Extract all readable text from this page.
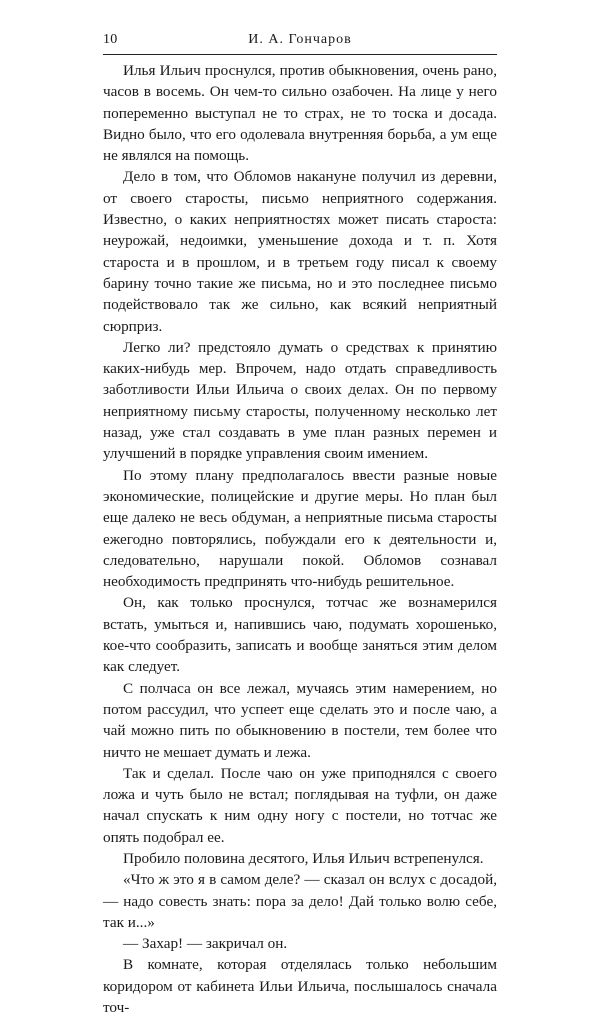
10	И. А. Гончаров

Илья Ильич проснулся, против обыкновения, очень рано, часов в восемь. Он чем-то сильно озабочен. На лице у него попеременно выступал не то страх, не то тоска и досада. Видно было, что его одолевала внутренняя борьба, а ум еще не являлся на помощь.

Дело в том, что Обломов накануне получил из деревни, от своего старосты, письмо неприятного содержания. Известно, о каких неприятностях может писать староста: неурожай, недоимки, уменьшение дохода и т. п. Хотя староста и в прошлом, и в третьем году писал к своему барину точно такие же письма, но и это последнее письмо подействовало так же сильно, как всякий неприятный сюрприз.

Легко ли? предстояло думать о средствах к принятию каких-нибудь мер. Впрочем, надо отдать справедливость заботливости Ильи Ильича о своих делах. Он по первому неприятному письму старосты, полученному несколько лет назад, уже стал создавать в уме план разных перемен и улучшений в порядке управления своим имением.

По этому плану предполагалось ввести разные новые экономические, полицейские и другие меры. Но план был еще далеко не весь обдуман, а неприятные письма старосты ежегодно повторялись, побуждали его к деятельности и, следовательно, нарушали покой. Обломов сознавал необходимость предпринять что-нибудь решительное.

Он, как только проснулся, тотчас же вознамерился встать, умыться и, напившись чаю, подумать хорошенько, кое-что сообразить, записать и вообще заняться этим делом как следует.

С полчаса он все лежал, мучаясь этим намерением, но потом рассудил, что успеет еще сделать это и после чаю, а чай можно пить по обыкновению в постели, тем более что ничто не мешает думать и лежа.

Так и сделал. После чаю он уже приподнялся с своего ложа и чуть было не встал; поглядывая на туфли, он даже начал спускать к ним одну ногу с постели, но тотчас же опять подобрал ее.

Пробило половина десятого, Илья Ильич встрепенулся.

«Что ж это я в самом деле? — сказал он вслух с досадой, — надо совесть знать: пора за дело! Дай только волю себе, так и...»

— Захар! — закричал он.

В комнате, которая отделялась только небольшим коридором от кабинета Ильи Ильича, послышалось сначала точ-
